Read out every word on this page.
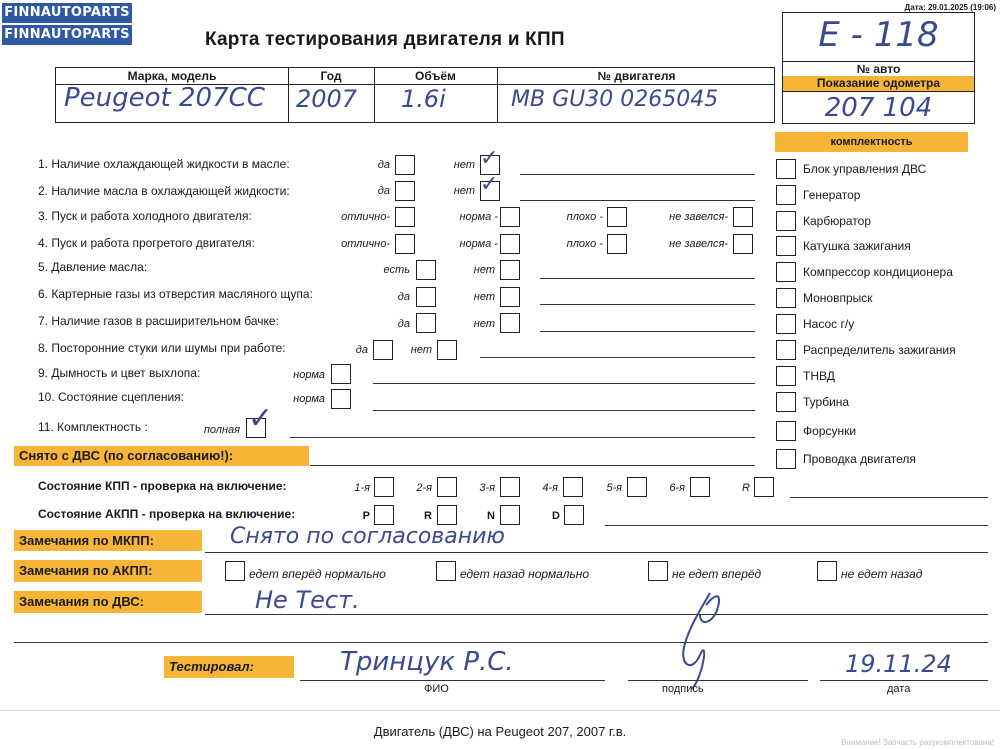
FINNAUTOPARTS
FINNAUTOPARTS
Дата: 29.01.2025 (19:06)
Карта тестирования двигателя и КПП	E - 118
№ авто
Показание одометра
207 104
Марка, модель	Год	Объём	№ двигателя
Peugeot 207CC 2007 1.6i	MB GU30 0265045
комплектность
Блок управления ДВС
Генератор
Карбюратор
Катушка зажигания
Компрессор кондиционера
Моновпрыск
Насос г/у
Распределитель зажигания
ТНВД
Турбина
Форсунки
Проводка двигателя
1. Наличие охлаждающей жидкости в масле:	да	нет ✓
2. Наличие масла в охлаждающей жидкости:	да	нет ✓
3. Пуск и работа холодного двигателя:	отлично-	норма -	плохо -	не завелся-
4. Пуск и работа прогретого двигателя:	отлично-	норма -	плохо -	не завелся-
5. Давление масла:	есть	нет
6. Картерные газы из отверстия масляного щупа:	да	нет
7. Наличие газов в расширительном бачке:	да	нет
8. Посторонние стуки или шумы при работе:	да	нет
9. Дымность и цвет выхлопа:	норма
10. Состояние сцепления:	норма
11. Комплектность :	полная ✓
Снято с ДВС (по согласованию!):
Состояние КПП - проверка на включение:	1-я	2-я	3-я	4-я	5-я	6-я	R
Состояние АКПП - проверка на включение:	P	R	N	D
Замечания по МКПП:	Снято по согласованию
Замечания по АКПП:	едет вперёд нормально	едет назад нормально	не едет вперёд	не едет назад
Замечания по ДВС:	Не Тест.
Тестировал:	Тринцук Р.С.
ФИО	подпись
19.11.24
дата
Двигатель (ДВС) на Peugeot 207, 2007 г.в.
Внимание! Запчасть разукомплектована!
